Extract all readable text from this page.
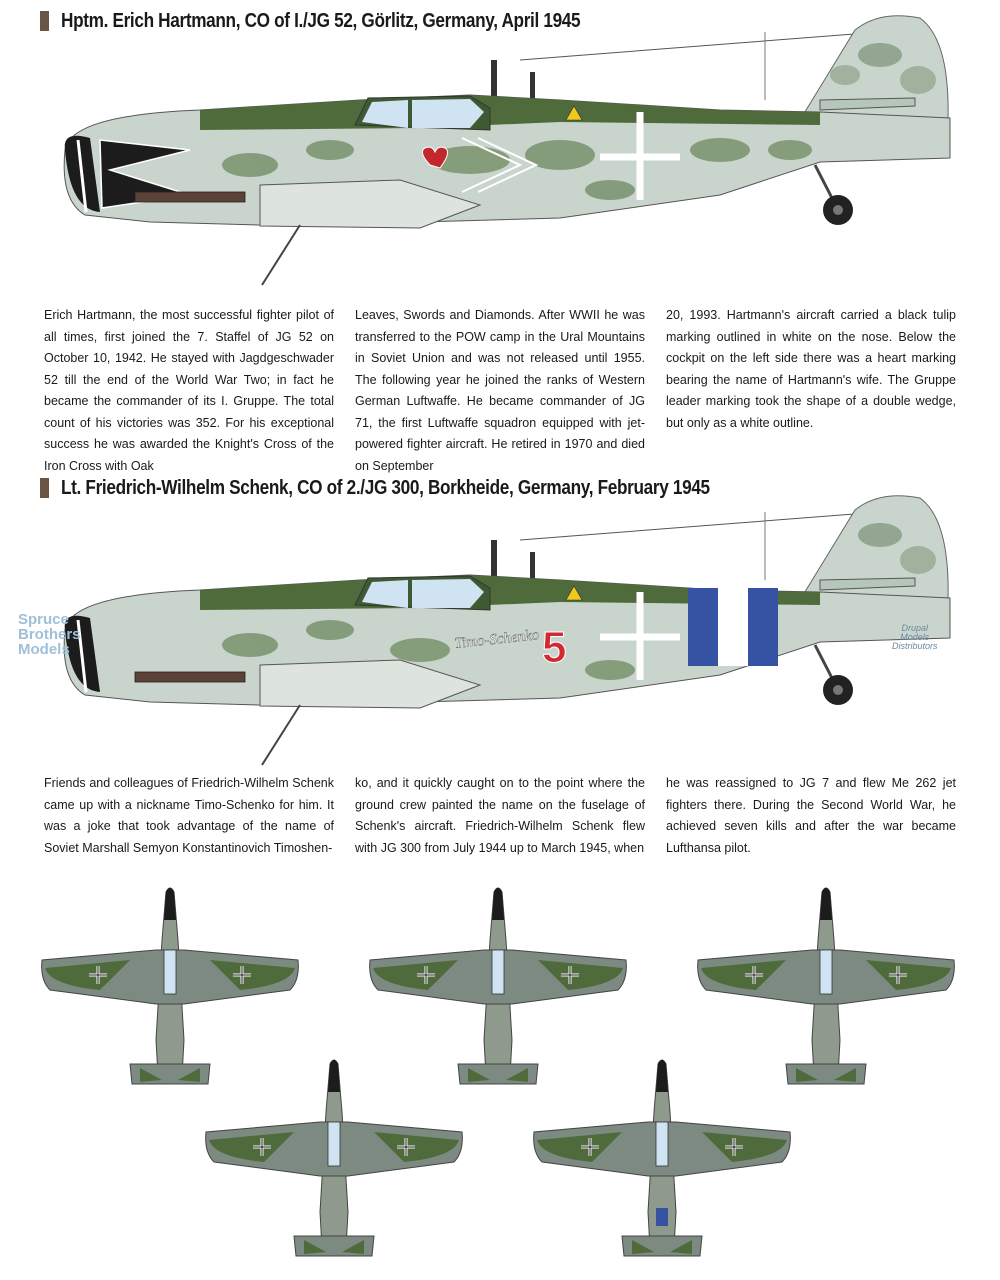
Hptm. Erich Hartmann, CO of I./JG 52, Görlitz, Germany, April 1945
Erich Hartmann, the most successful fighter pilot of all times, first joined the 7. Staffel of JG 52 on October 10, 1942. He stayed with Jagdgeschwader 52 till the end of the World War Two; in fact he became the commander of its I. Gruppe. The total count of his victories was 352. For his exceptional success he was awarded the Knight's Cross of the Iron Cross with Oak
Leaves, Swords and Diamonds. After WWII he was transferred to the POW camp in the Ural Mountains in Soviet Union and was not released until 1955. The following year he joined the ranks of Western German Luftwaffe. He became commander of JG 71, the first Luftwaffe squadron equipped with jet-powered fighter aircraft. He retired in 1970 and died on September
20, 1993. Hartmann's aircraft carried a black tulip marking outlined in white on the nose. Below the cockpit on the left side there was a heart marking bearing the name of Hartmann's wife. The Gruppe leader marking took the shape of a double wedge, but only as a white outline.
Lt. Friedrich-Wilhelm Schenk, CO of 2./JG 300, Borkheide, Germany, February 1945
Timo-Schenko 5
Spruce
Brothers
Models
Drupal
Models
Distributors
Friends and colleagues of Friedrich-Wilhelm Schenk came up with a nickname Timo-Schenko for him. It was a joke that took advantage of the name of Soviet Marshall Semyon Konstantinovich Timoshen-
ko, and it quickly caught on to the point where the ground crew painted the name on the fuselage of Schenk's aircraft. Friedrich-Wilhelm Schenk flew with JG 300 from July 1944 up to March 1945, when
he was reassigned to JG 7 and flew Me 262 jet fighters there. During the Second World War, he achieved seven kills and after the war became Lufthansa pilot.
